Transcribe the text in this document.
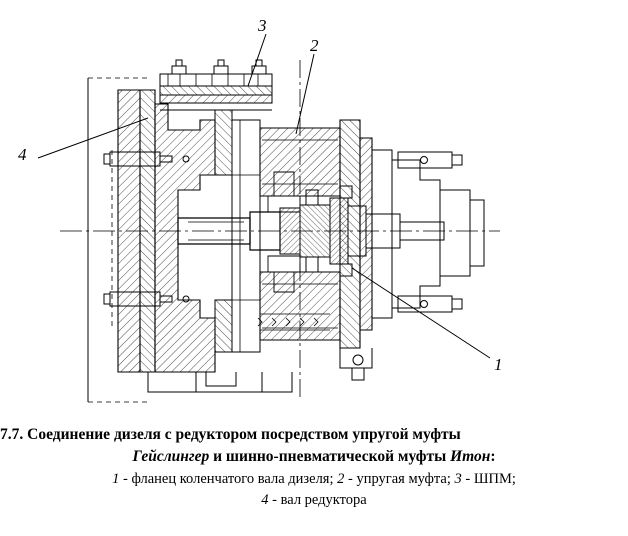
3
2
4
1
7.7. Соединение дизеля с редуктором посредством упругой муфты
Гейслингер и шинно-пневматической муфты Итон:
1 - фланец коленчатого вала дизеля; 2 - упругая муфта; 3 - ШПМ;
4 - вал редуктора
